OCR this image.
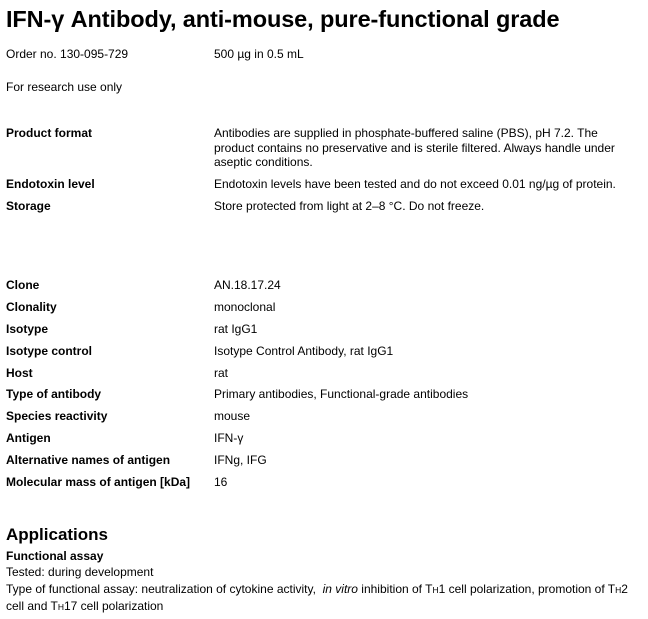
IFN-γ Antibody, anti-mouse, pure-functional grade
Order no. 130-095-729	500 µg in 0.5 mL
For research use only
Product format	Antibodies are supplied in phosphate-buffered saline (PBS), pH 7.2. The product contains no preservative and is sterile filtered. Always handle under aseptic conditions.
Endotoxin level	Endotoxin levels have been tested and do not exceed 0.01 ng/µg of protein.
Storage	Store protected from light at 2–8 °C. Do not freeze.
Clone	AN.18.17.24
Clonality	monoclonal
Isotype	rat IgG1
Isotype control	Isotype Control Antibody, rat IgG1
Host	rat
Type of antibody	Primary antibodies, Functional-grade antibodies
Species reactivity	mouse
Antigen	IFN-γ
Alternative names of antigen	IFNg, IFG
Molecular mass of antigen [kDa] 16
Applications
Functional assay
Tested: during development
Type of functional assay: neutralization of cytokine activity, in vitro inhibition of TH1 cell polarization, promotion of TH2 cell and TH17 cell polarization
